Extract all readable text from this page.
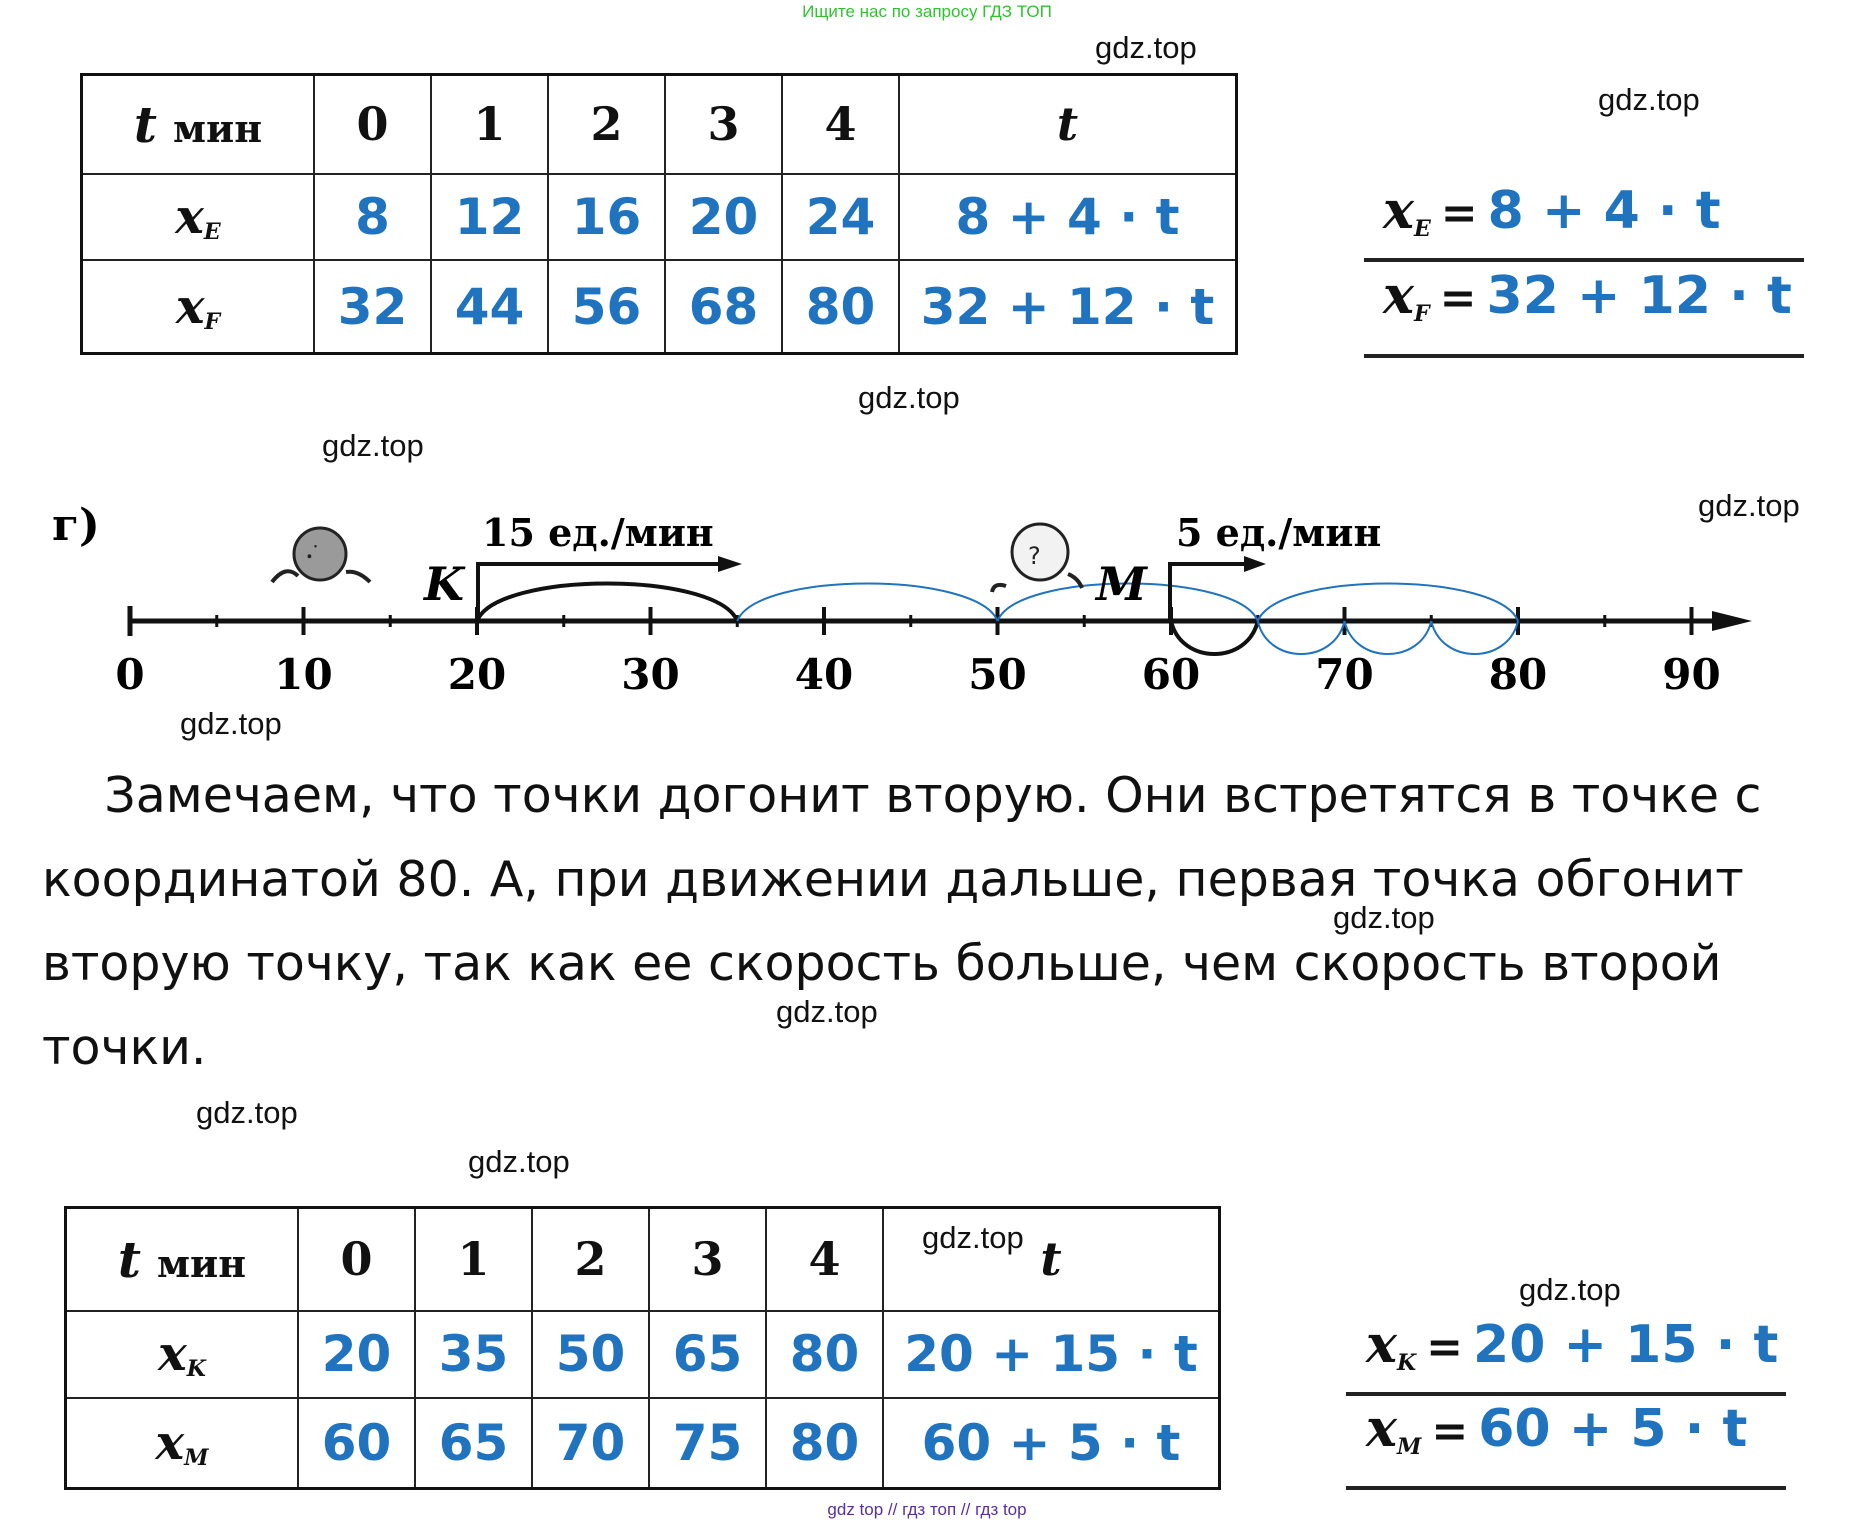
Ищите нас по запросу ГДЗ ТОП
gdz.top
gdz.top
gdz.top
gdz.top
gdz.top
gdz.top
gdz.top
gdz.top
gdz.top
gdz.top
gdz.top
gdz.top
t мин	0	1	2	3	4	t
$x_E$	8	12	16	20	24	8 + 4 · t
$x_F$	32	44	56	68	80	32 + 12 · t
$x_E = 8 + 4 \cdot t$
$x_F = 32 + 12 \cdot t$
г)
0	10	20	30	40	50	60	70	80	90
ꞏ۬	?
K
15 ед./мин
M
5 ед./мин
Замечаем, что точки догонит вторую. Они встретятся в точке с
координатой 80. А, при движении дальше, первая точка обгонит
вторую точку, так как ее скорость больше, чем скорость второй
точки.
t мин	0	1	2	3	4	t
$x_K$	20	35	50	65	80	20 + 15 · t
$x_M$	60	65	70	75	80	60 + 5 · t
$x_K = 20 + 15 \cdot t$
$x_M = 60 + 5 \cdot t$
gdz top // гдз топ // гдз top
